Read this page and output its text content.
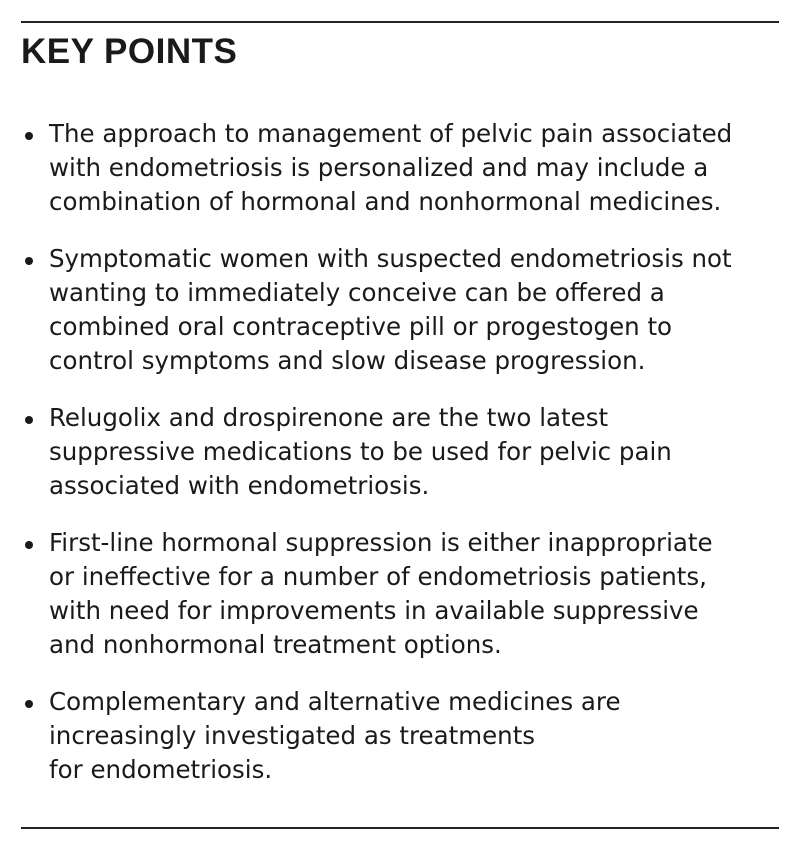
KEY POINTS
The approach to management of pelvic pain associated
with endometriosis is personalized and may include a
combination of hormonal and nonhormonal medicines.
Symptomatic women with suspected endometriosis not
wanting to immediately conceive can be offered a
combined oral contraceptive pill or progestogen to
control symptoms and slow disease progression.
Relugolix and drospirenone are the two latest
suppressive medications to be used for pelvic pain
associated with endometriosis.
First-line hormonal suppression is either inappropriate
or ineffective for a number of endometriosis patients,
with need for improvements in available suppressive
and nonhormonal treatment options.
Complementary and alternative medicines are
increasingly investigated as treatments
for endometriosis.
